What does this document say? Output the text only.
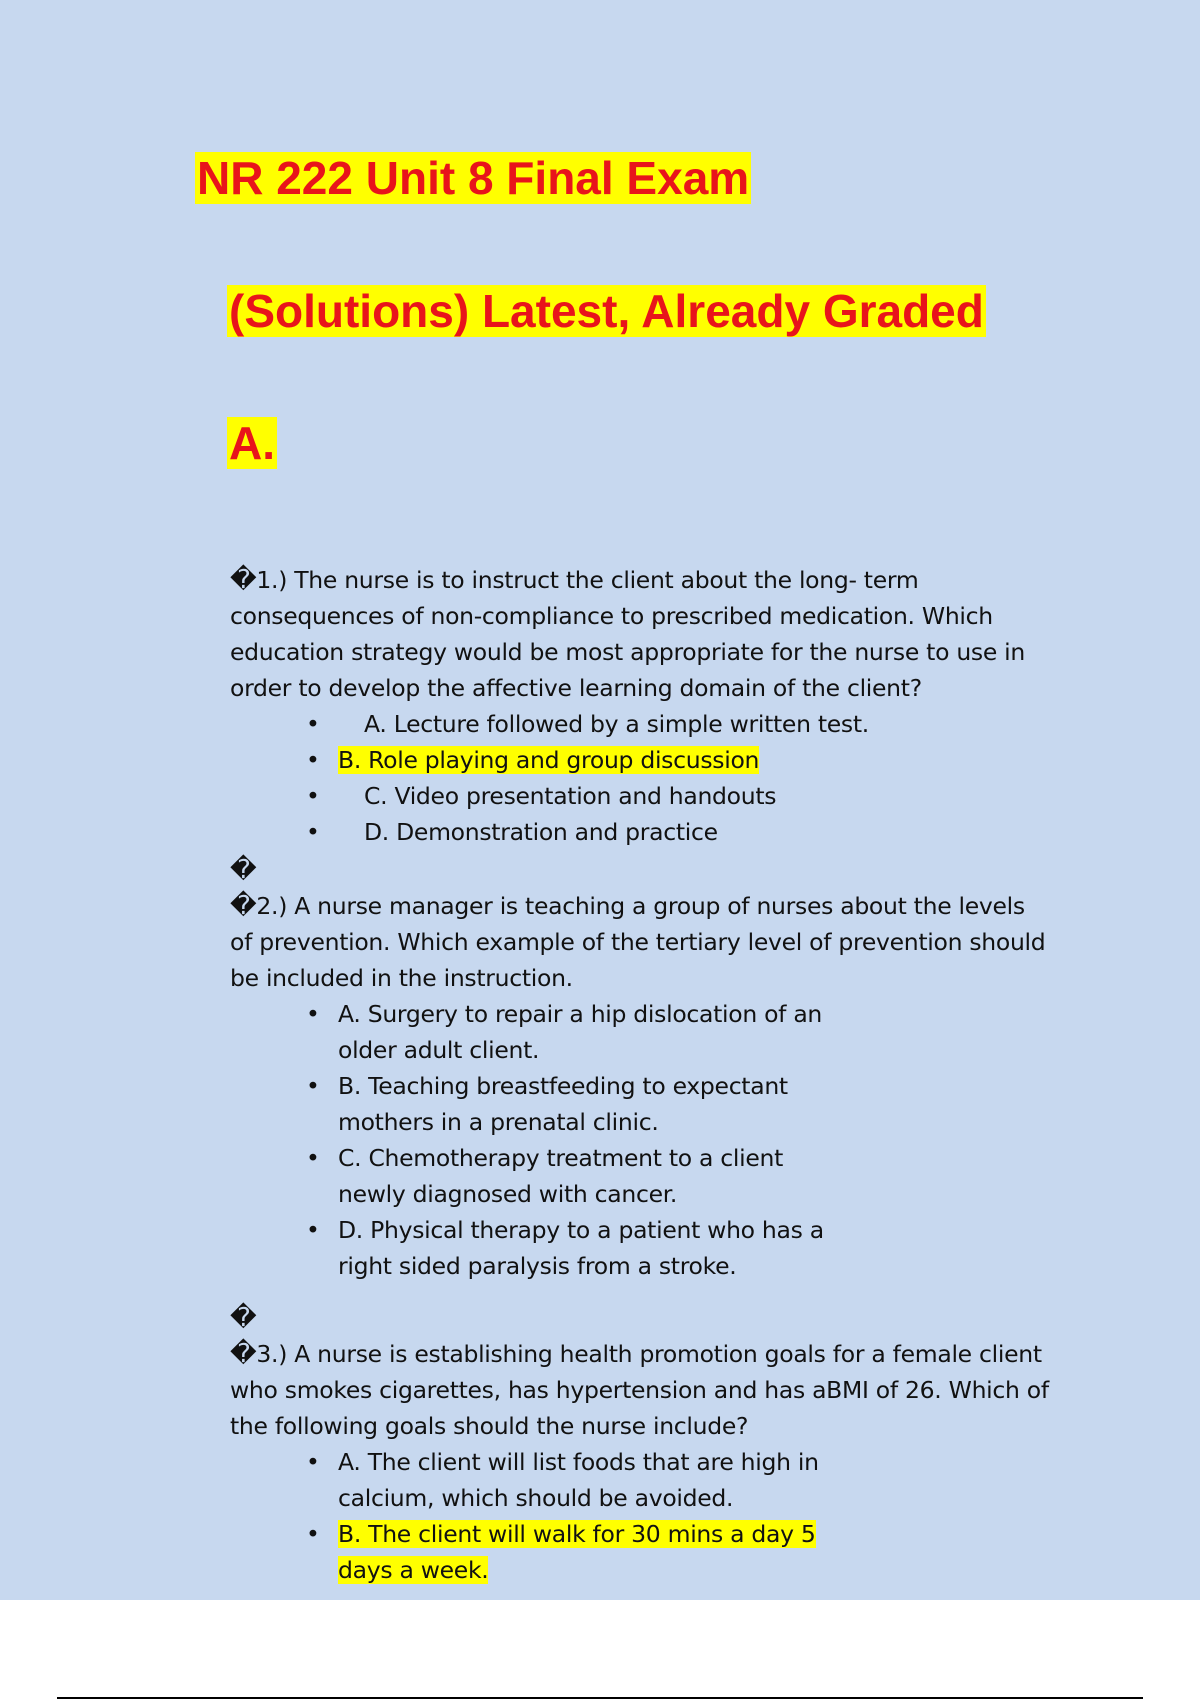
NR 222 Unit 8 Final Exam
(Solutions) Latest, Already Graded
A.

�1.) The nurse is to instruct the client about the long- term consequences of non-compliance to prescribed medication. Which education strategy would be most appropriate for the nurse to use in order to develop the affective learning domain of the client?

• A. Lecture followed by a simple written test.
• B. Role playing and group discussion
• C. Video presentation and handouts
• D. Demonstration and practice
�

�2.) A nurse manager is teaching a group of nurses about the levels of prevention. Which example of the tertiary level of prevention should be included in the instruction.

• A. Surgery to repair a hip dislocation of an older adult client.
• B. Teaching breastfeeding to expectant mothers in a prenatal clinic.
• C. Chemotherapy treatment to a client newly diagnosed with cancer.
• D. Physical therapy to a patient who has a right sided paralysis from a stroke.
�

�3.) A nurse is establishing health promotion goals for a female client who smokes cigarettes, has hypertension and has aBMI of 26. Which of the following goals should the nurse include?

• A. The client will list foods that are high in calcium, which should be avoided.
• B. The client will walk for 30 mins a day 5 days a week.
